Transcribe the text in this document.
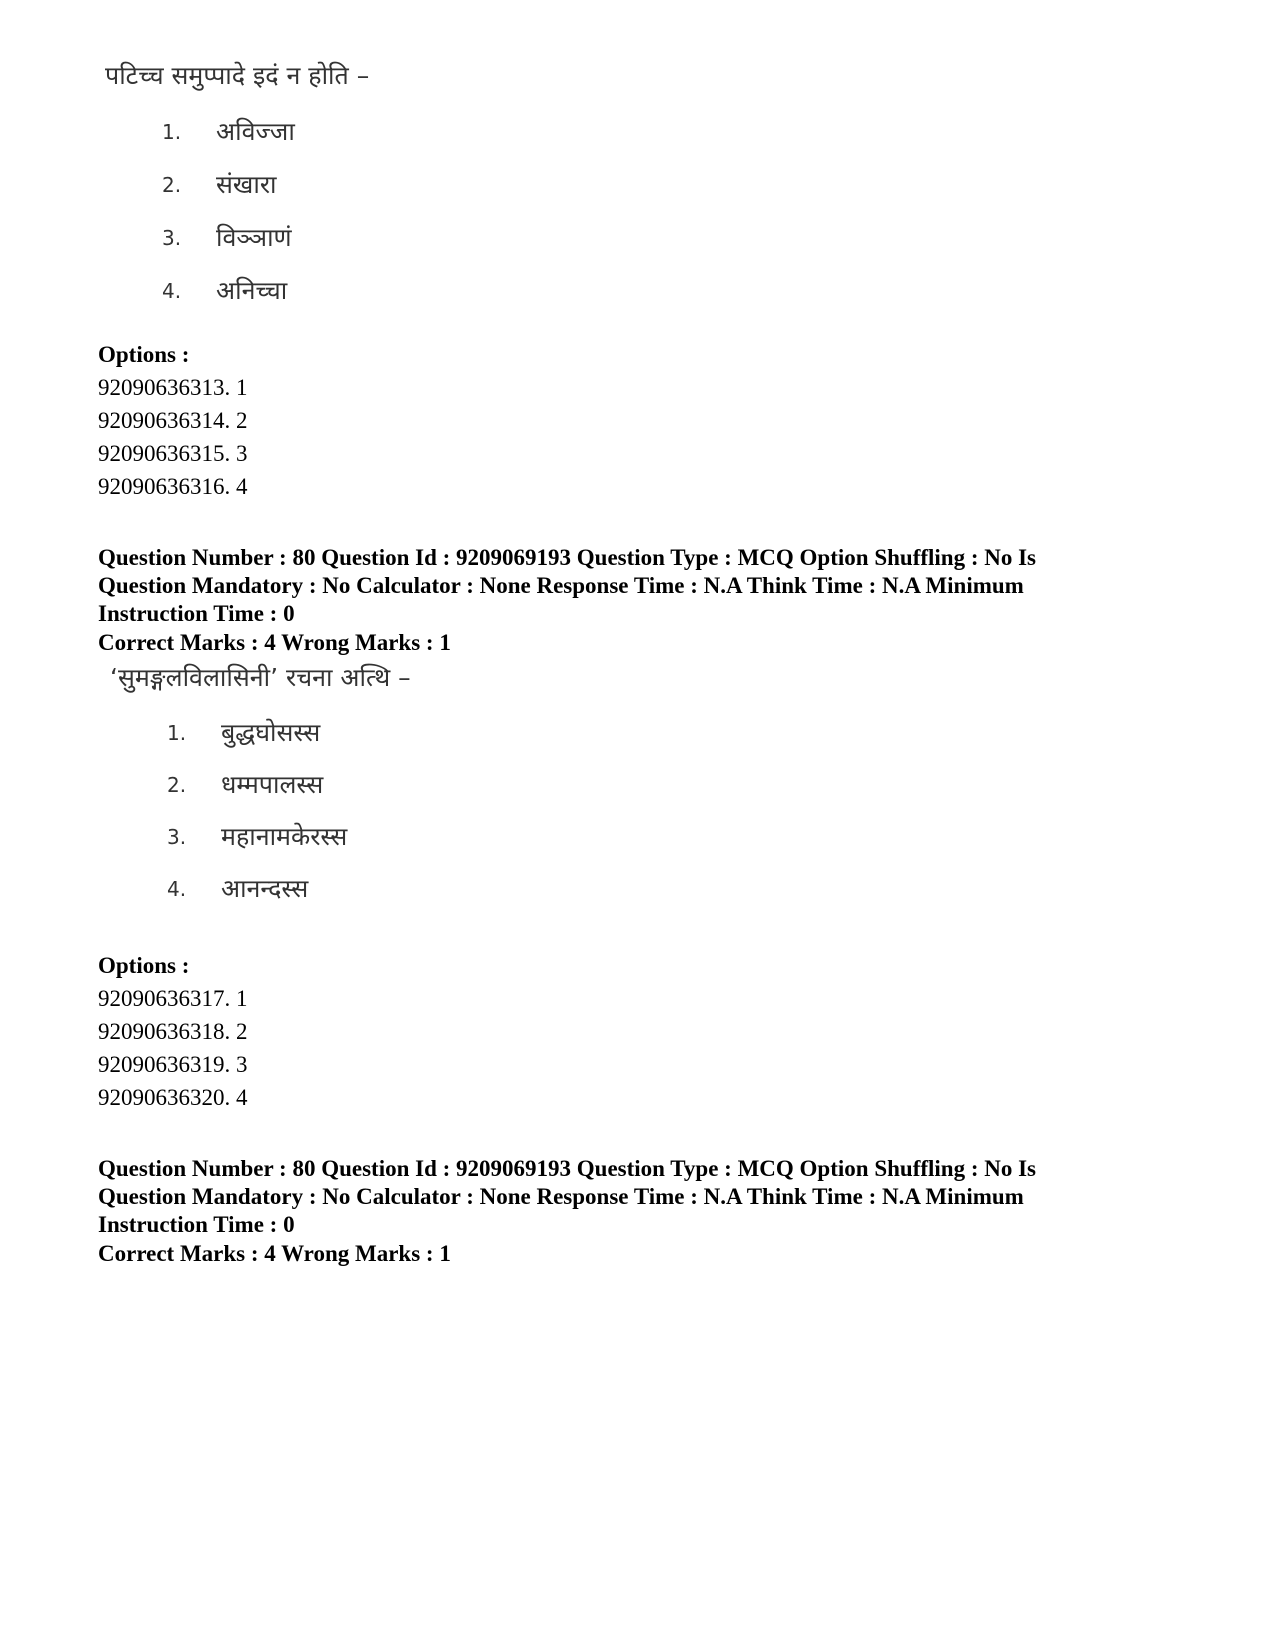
पटिच्च समुप्पादे इदं न होति –
1.	अविज्जा
2.	संखारा
3.	विञ्ञाणं
4.	अनिच्चा
Options :
92090636313. 1
92090636314. 2
92090636315. 3
92090636316. 4
Question Number : 80 Question Id : 9209069193 Question Type : MCQ Option Shuffling : No Is
Question Mandatory : No Calculator : None Response Time : N.A Think Time : N.A Minimum
Instruction Time : 0
Correct Marks : 4 Wrong Marks : 1
‘सुमङ्गलविलासिनी’ रचना अत्थि –
1.	बुद्धघोसस्स
2.	धम्मपालस्स
3.	महानामकेरस्स
4.	आनन्दस्स
Options :
92090636317. 1
92090636318. 2
92090636319. 3
92090636320. 4
Question Number : 80 Question Id : 9209069193 Question Type : MCQ Option Shuffling : No Is
Question Mandatory : No Calculator : None Response Time : N.A Think Time : N.A Minimum
Instruction Time : 0
Correct Marks : 4 Wrong Marks : 1
